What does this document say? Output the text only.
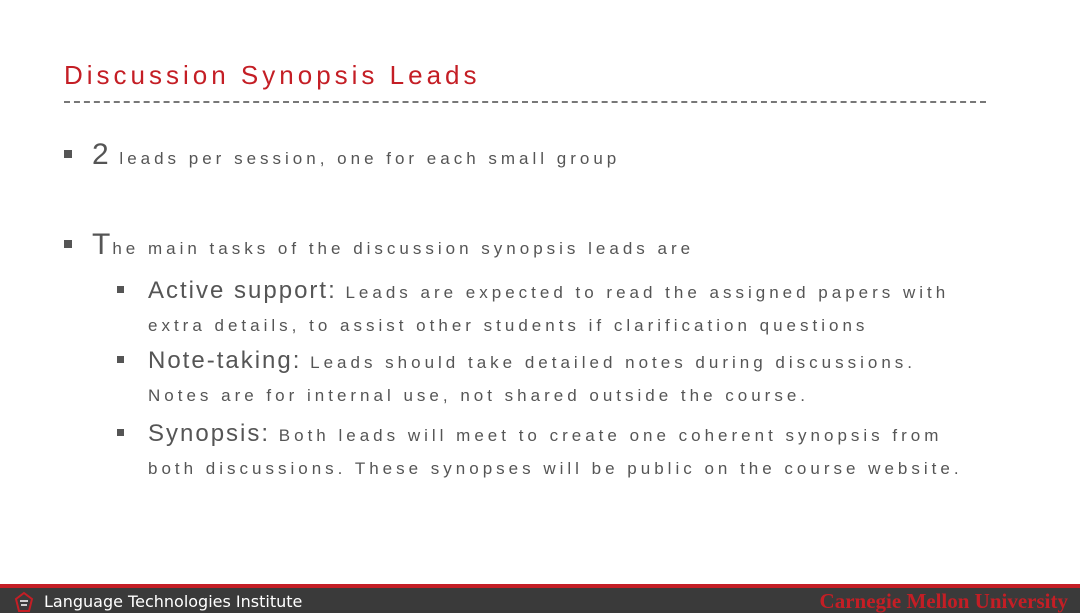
Discussion Synopsis Leads
2 leads per session, one for each small group
The main tasks of the discussion synopsis leads are
Active support: Leads are expected to read the assigned papers with extra details, to assist other students if clarification questions
Note-taking: Leads should take detailed notes during discussions. Notes are for internal use, not shared outside the course.
Synopsis: Both leads will meet to create one coherent synopsis from both discussions. These synopses will be public on the course website.
Language Technologies Institute	Carnegie Mellon University
